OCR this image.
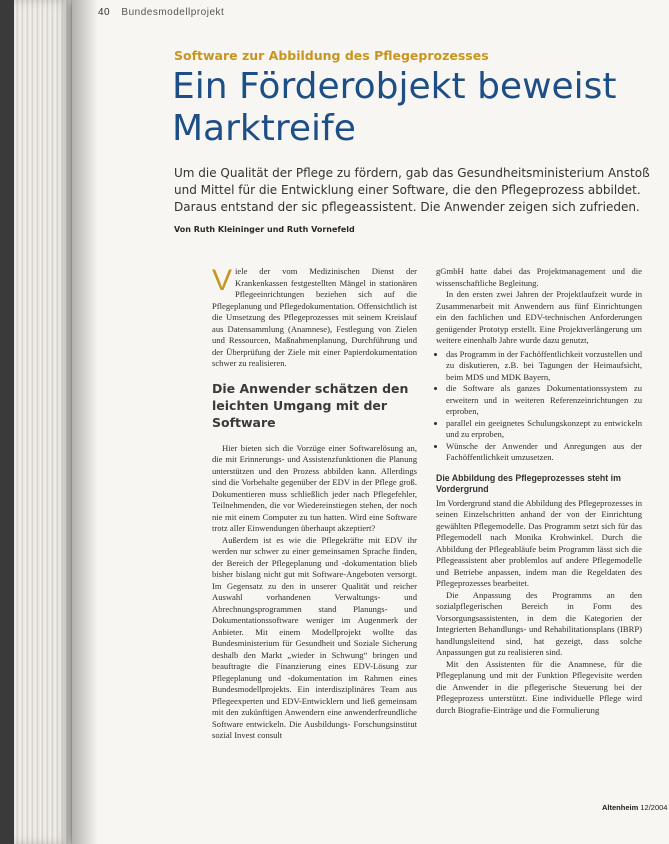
40 Bundesmodellprojekt
Software zur Abbildung des Pflegeprozesses
Ein Förderobjekt beweist Marktreife
Um die Qualität der Pflege zu fördern, gab das Gesundheitsministerium Anstoß und Mittel für die Entwicklung einer Software, die den Pflegeprozess abbildet. Daraus entstand der sic pflegeassistent. Die Anwender zeigen sich zufrieden.
Von Ruth Kleininger und Ruth Vornefeld

Viele der vom Medizinischen Dienst der Krankenkassen festgestellten Mängel in stationären Pflegeeinrichtungen beziehen sich auf die Pflegeplanung und Pflegedokumentation. Offensichtlich ist die Umsetzung des Pflegeprozesses mit seinem Kreislauf aus Datensammlung (Anamnese), Festlegung von Zielen und Ressourcen, Maßnahmenplanung, Durchführung und der Überprüfung der Ziele mit einer Papierdokumentation schwer zu realisieren.

Die Anwender schätzen den leichten Umgang mit der Software

Hier bieten sich die Vorzüge einer Softwarelösung an, die mit Erinnerungs- und Assistenzfunktionen die Planung unterstützen und den Prozess abbilden kann. Allerdings sind die Vorbehalte gegenüber der EDV in der Pflege groß. Dokumentieren muss schließlich jeder nach Pflegefehler, Teilnehmenden, die vor Wiedereinstiegen stehen, der noch nie mit einem Computer zu tun hatten. Wird eine Software trotz aller Einwendungen überhaupt akzeptiert?

Außerdem ist es wie die Pflegekräfte mit EDV ihr werden nur schwer zu einer gemeinsamen Sprache finden, der Bereich der Pflegeplanung und -dokumentation blieb bisher bislang nicht gut mit Software-Angeboten versorgt. Im Gegensatz zu den in unserer Qualität und reicher Auswahl vorhandenen Verwaltungs- und Abrechnungsprogrammen stand Planungs- und Dokumentationssoftware weniger im Augenmerk der Anbieter. Mit einem Modellprojekt wollte das Bundesministerium für Gesundheit und Soziale Sicherung deshalb den Markt „wieder in Schwung“ bringen und beauftragte die Finanzierung eines EDV-Lösung zur Pflegeplanung und -dokumentation im Rahmen eines Bundesmodellprojekts. Ein interdisziplinäres Team aus Pflegeexperten und EDV-Entwicklern und ließ gemeinsam mit den zukünftigen Anwendern eine anwenderfreundliche Software entwickeln. Die Ausbildungs- Forschungsinstitut sozial Invest consult

gGmbH hatte dabei das Projektmanagement und die wissenschaftliche Begleitung.

In den ersten zwei Jahren der Projektlaufzeit wurde in Zusammenarbeit mit Anwendern aus fünf Einrichtungen ein den fachlichen und EDV-technischen Anforderungen genügender Prototyp erstellt. Eine Projektverlängerung um weitere einenhalb Jahre wurde dazu genutzt,

• das Programm in der Fachöffentlichkeit vorzustellen und zu diskutieren, z.B. bei Tagungen der Heimaufsicht, beim MDS und MDK Bayern,
• die Software als ganzes Dokumentationssystem zu erweitern und in weiteren Referenzeinrichtungen zu erproben,
• parallel ein geeignetes Schulungskonzept zu entwickeln und zu erproben,
• Wünsche der Anwender und Anregungen aus der Fachöffentlichkeit umzusetzen.
Die Abbildung des Pflegeprozesses steht im Vordergrund

Im Vordergrund stand die Abbildung des Pflegeprozesses in seinen Einzelschritten anhand der von der Einrichtung gewählten Pflegemodelle. Das Programm setzt sich für das Pflegemodell nach Monika Krohwinkel. Durch die Abbildung der Pflegeabläufe beim Programm lässt sich die Pflegeassistent aber problemlos auf andere Pflegemodelle und Betriebe anpassen, indem man die Regeldaten des Pflegeprozesses bearbeitet.

Die Anpassung des Programms an den sozialpflegerischen Bereich in Form des Vorsorgungsassistenten, in dem die Kategorien der Integrierten Behandlungs- und Rehabilitationsplans (IBRP) handlungsleitend sind, hat gezeigt, dass solche Anpassungen gut zu realisieren sind.

Mit den Assistenten für die Anamnese, für die Pflegeplanung und mit der Funktion Pflegevisite werden die Anwender in die pflegerische Steuerung bei der Pflegeprozess unterstützt. Eine individuelle Pflege wird durch Biografie-Einträge und die Formulierung

Altenheim 12/2004
